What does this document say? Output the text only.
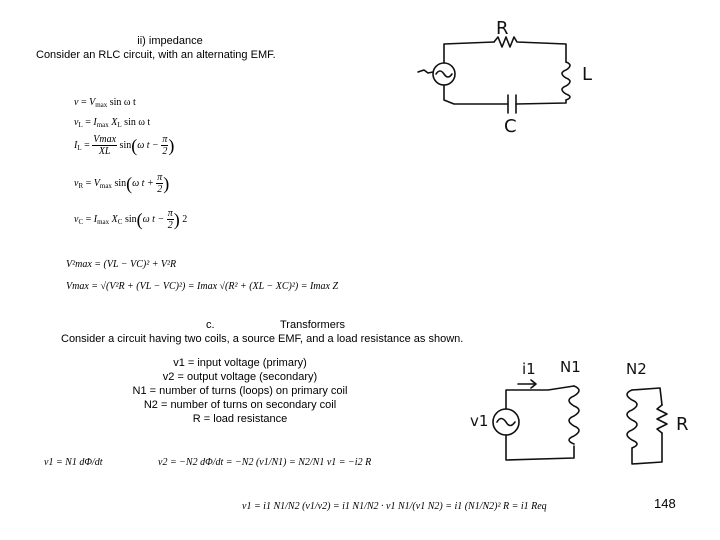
ii) impedance
Consider an RLC circuit, with an alternating EMF.
R
L
C
i1 N1	N2
v1	R
$v = V_{max}$ sin ω t
$v_L = I_{max}$ $X_L$ sin ω t
$I_L = \frac{Vmax}{XL} \sin(\omega$ $t - \frac{\pi}{2}$ )
$v_R = V_{max}$ sin(ω $t + \frac{\pi}{2}$ )
$v_C = I_{max}$ $X_C$ sin(ω $t - \frac{\pi}{2}$ ) 2
V²max = (VL − VC)² + V²R
Vmax = √(V²R + (VL − VC)²) = Imax √(R² + (XL − XC)²) = Imax Z
c.	Transformers
Consider a circuit having two coils, a source EMF, and a load resistance as shown.
v1 = input voltage (primary)
v2 = output voltage (secondary)
N1 = number of turns (loops) on primary coil
N2 = number of turns on secondary coil
R = load resistance
v1 = N1 dΦ/dt	v2 = −N2 dΦ/dt = −N2 (v1/N1) = N2/N1 v1 = −i2 R
v1 = i1 N1/N2 (v1/v2) = i1 N1/N2 · v1 N1/(v1 N2) = i1 (N1/N2)² R = i1 Req	148
